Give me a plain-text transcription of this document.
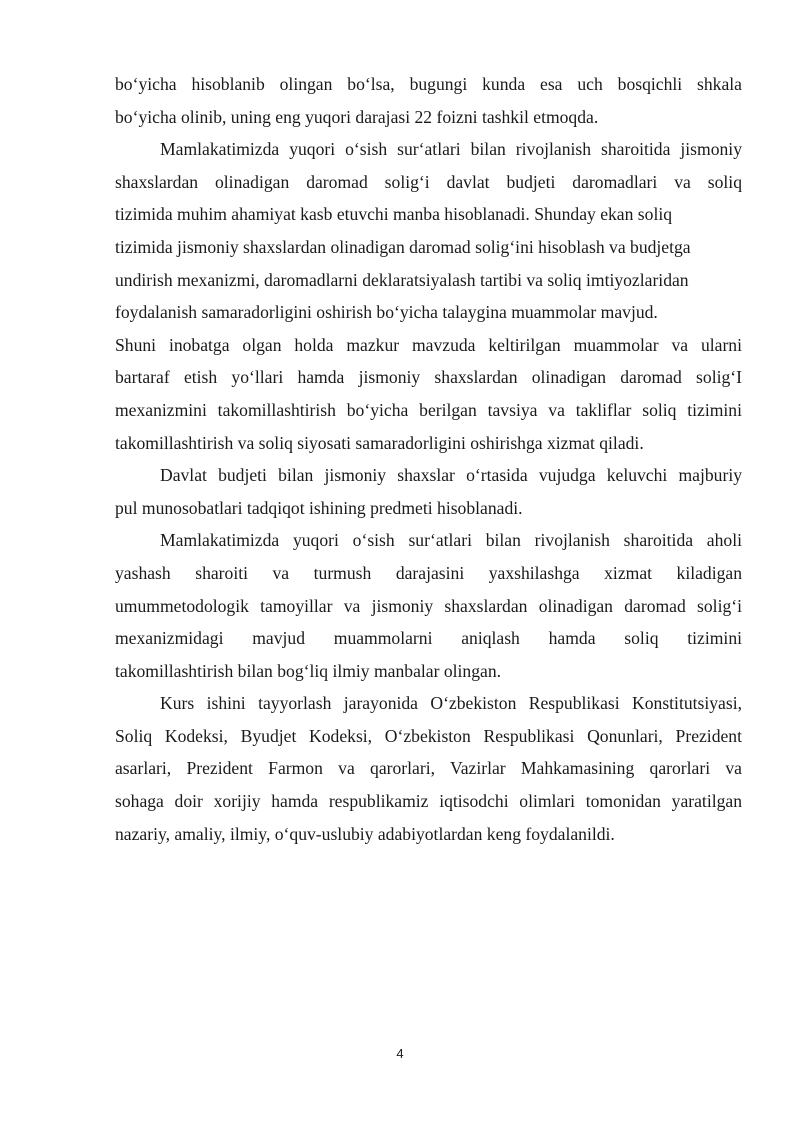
bo‘yicha hisoblanib olingan bo‘lsa, bugungi kunda esa uch bosqichli shkala
bo‘yicha olinib, uning eng yuqori darajasi 22 foizni tashkil etmoqda.
Mamlakatimizda yuqori o‘sish sur‘atlari bilan rivojlanish sharoitida jismoniy
shaxslardan olinadigan daromad solig‘i davlat budjeti daromadlari va soliq
tizimida muhim ahamiyat kasb etuvchi manba hisoblanadi. Shunday ekan soliq
tizimida jismoniy shaxslardan olinadigan daromad solig‘ini hisoblash va budjetga
undirish mexanizmi, daromadlarni deklaratsiyalash tartibi va soliq imtiyozlaridan
foydalanish samaradorligini oshirish bo‘yicha talaygina muammolar mavjud.
Shuni inobatga olgan holda mazkur mavzuda keltirilgan muammolar va ularni
bartaraf etish yo‘llari hamda jismoniy shaxslardan olinadigan daromad solig‘I
mexanizmini takomillashtirish bo‘yicha berilgan tavsiya va takliflar soliq tizimini
takomillashtirish va soliq siyosati samaradorligini oshirishga xizmat qiladi.
Davlat budjeti bilan jismoniy shaxslar o‘rtasida vujudga keluvchi majburiy
pul munosobatlari tadqiqot ishining predmeti hisoblanadi.
Mamlakatimizda yuqori o‘sish sur‘atlari bilan rivojlanish sharoitida aholi
yashash sharoiti va turmush darajasini yaxshilashga xizmat kiladigan
umummetodologik tamoyillar va jismoniy shaxslardan olinadigan daromad solig‘i
mexanizmidagi mavjud muammolarni aniqlash hamda soliq tizimini
takomillashtirish bilan bog‘liq ilmiy manbalar olingan.
Kurs ishini tayyorlash jarayonida O‘zbekiston Respublikasi Konstitutsiyasi,
Soliq Kodeksi, Byudjet Kodeksi, O‘zbekiston Respublikasi Qonunlari, Prezident
asarlari, Prezident Farmon va qarorlari, Vazirlar Mahkamasining qarorlari va
sohaga doir xorijiy hamda respublikamiz iqtisodchi olimlari tomonidan yaratilgan
nazariy, amaliy, ilmiy, o‘quv-uslubiy adabiyotlardan keng foydalanildi.
4
